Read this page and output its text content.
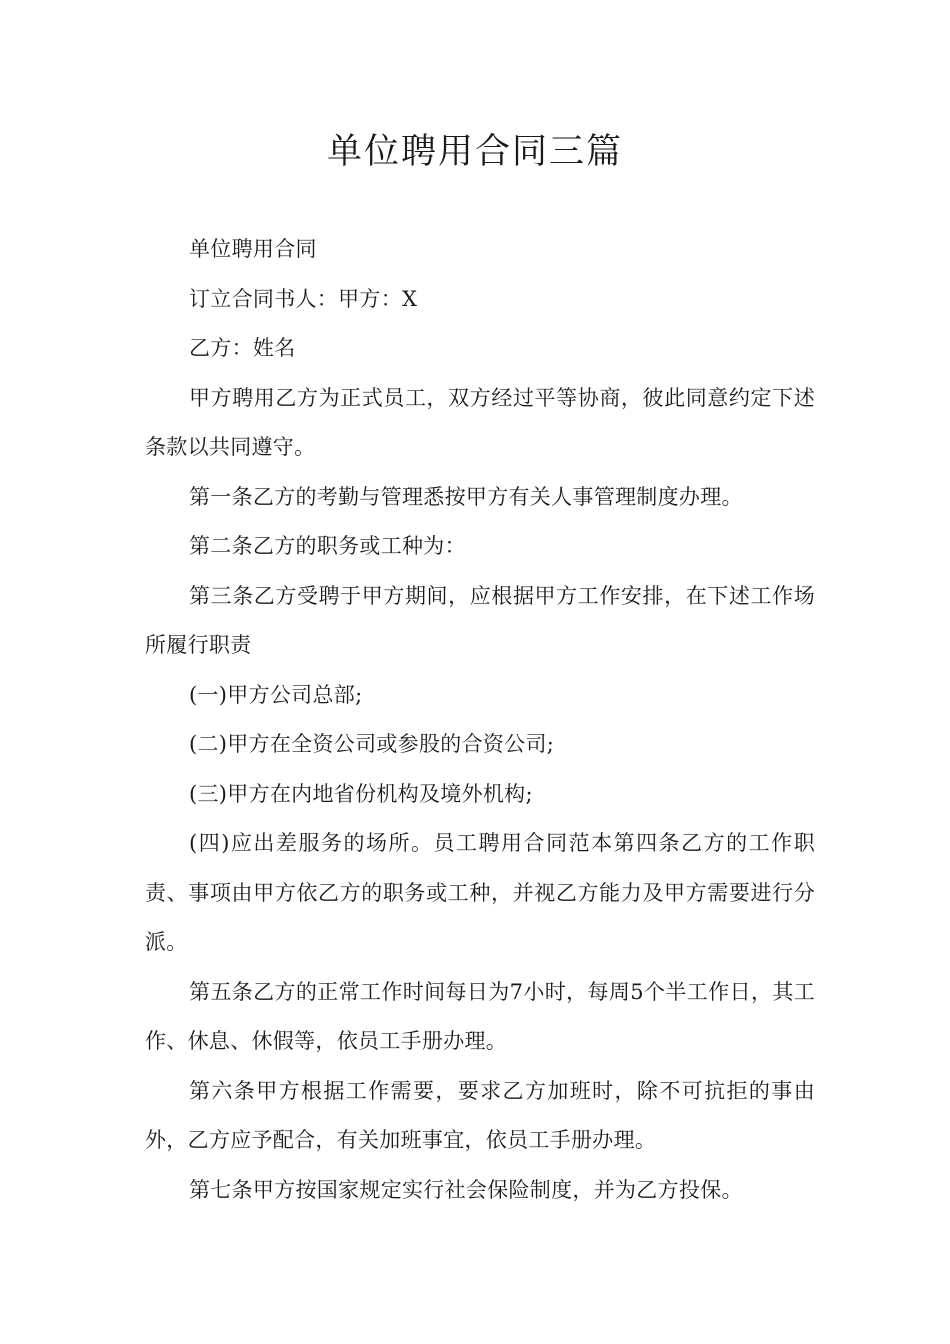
单位聘用合同三篇

单位聘用合同

订立合同书人：甲方：X

乙方：姓名

甲方聘用乙方为正式员工，双方经过平等协商，彼此同意约定下述条款以共同遵守。

第一条乙方的考勤与管理悉按甲方有关人事管理制度办理。

第二条乙方的职务或工种为：

第三条乙方受聘于甲方期间，应根据甲方工作安排，在下述工作场所履行职责

(一)甲方公司总部;

(二)甲方在全资公司或参股的合资公司;

(三)甲方在内地省份机构及境外机构;

(四)应出差服务的场所。员工聘用合同范本第四条乙方的工作职责、事项由甲方依乙方的职务或工种，并视乙方能力及甲方需要进行分派。

第五条乙方的正常工作时间每日为7小时，每周5个半工作日，其工作、休息、休假等，依员工手册办理。

第六条甲方根据工作需要，要求乙方加班时，除不可抗拒的事由外，乙方应予配合，有关加班事宜，依员工手册办理。

第七条甲方按国家规定实行社会保险制度，并为乙方投保。
